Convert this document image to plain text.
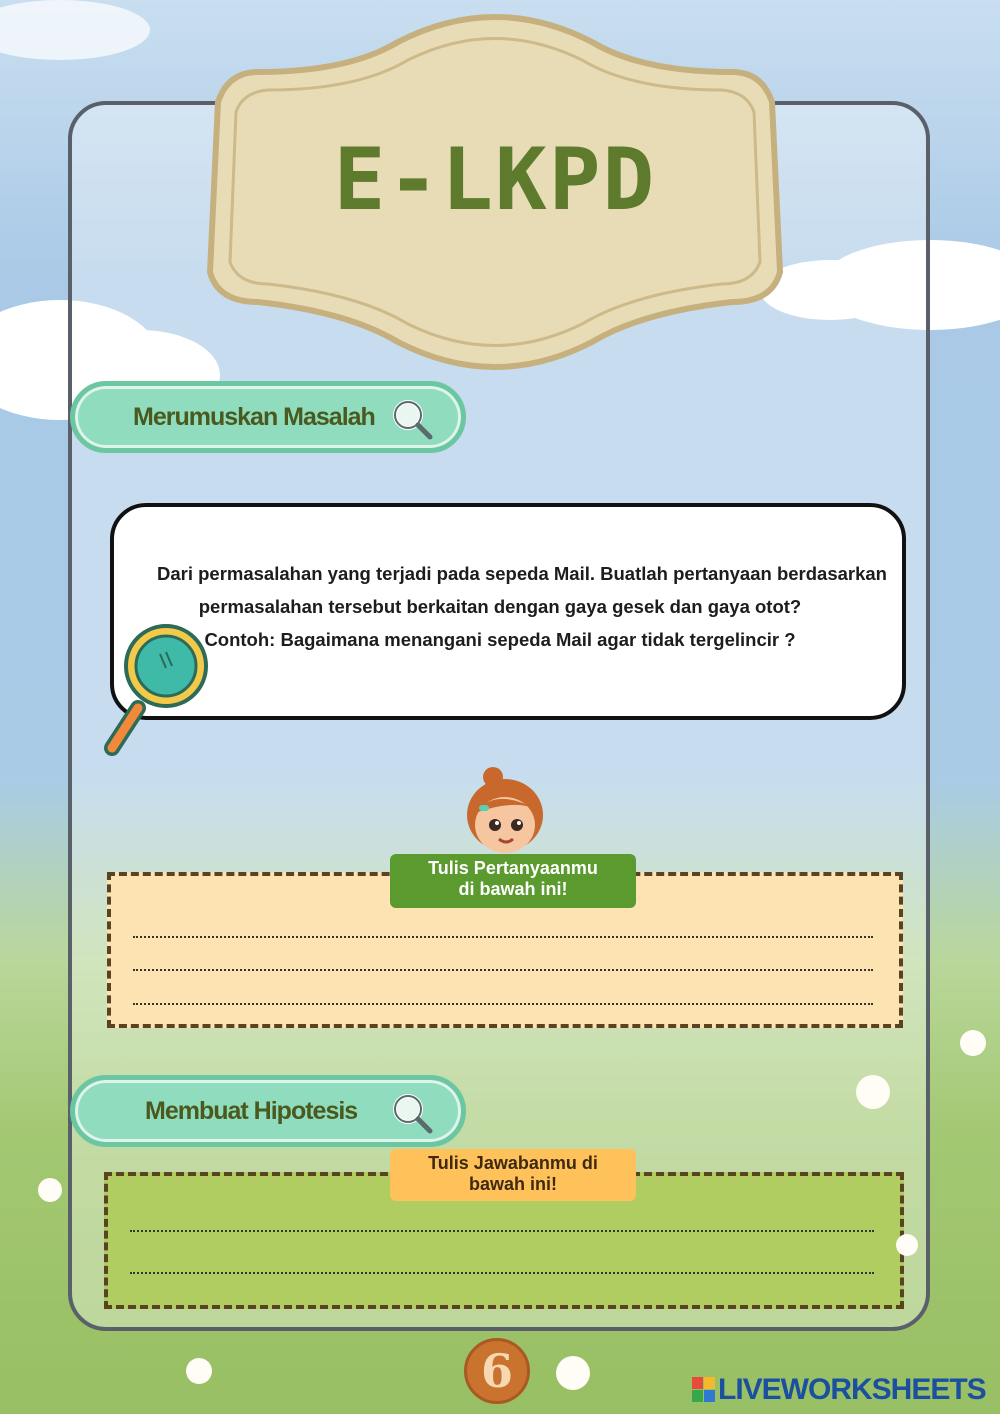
E-LKPD
Merumuskan Masalah
Dari permasalahan yang terjadi pada sepeda Mail. Buatlah pertanyaan berdasarkan
permasalahan tersebut berkaitan dengan gaya gesek dan gaya otot?
Contoh: Bagaimana menangani sepeda Mail agar tidak tergelincir ?
Tulis Pertanyaanmu
di bawah ini!
Membuat Hipotesis
Tulis Jawabanmu di
bawah ini!
6	LIVEWORKSHEETS
